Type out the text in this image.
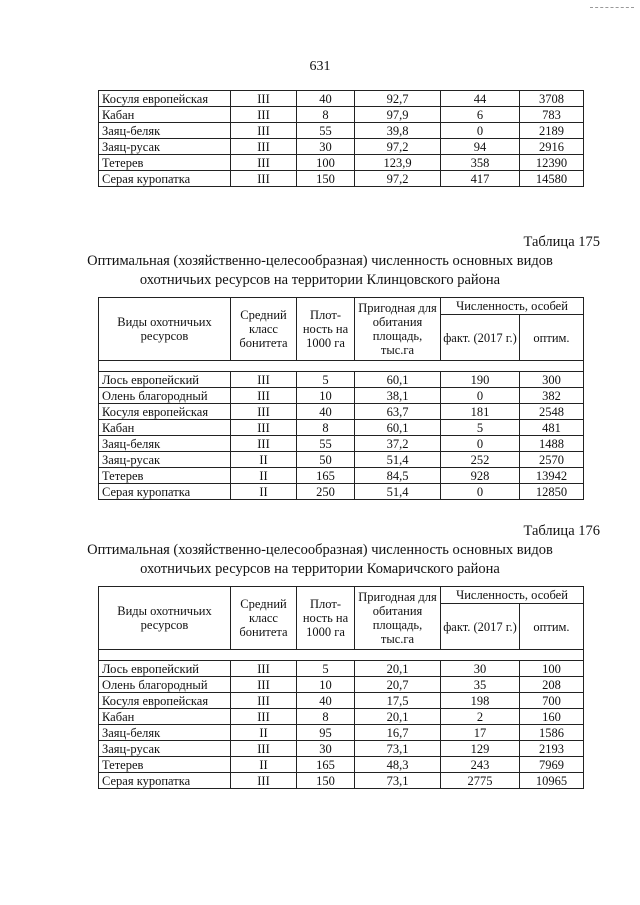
631
Косуля европейская	III	40	92,7	44	3708
Кабан	III	8	97,9	6	783
Заяц-беляк	III	55	39,8	0	2189
Заяц-русак	III	30	97,2	94	2916
Тетерев	III	100	123,9	358	12390
Серая куропатка	III	150	97,2	417	14580
Таблица 175
Оптимальная (хозяйственно-целесообразная) численность основных видов
охотничьих ресурсов на территории Клинцовского района
Виды охотничьих ресурсов	Средний класс бонитета	Плот- ность на 1000 га	Пригодная для обитания площадь, тыс.га	Численность, особей	
				факт. (2017 г.)	оптим.

Лось европейский	III	5	60,1	190	300
Олень благородный	III	10	38,1	0	382
Косуля европейская	III	40	63,7	181	2548
Кабан	III	8	60,1	5	481
Заяц-беляк	III	55	37,2	0	1488
Заяц-русак	II	50	51,4	252	2570
Тетерев	II	165	84,5	928	13942
Серая куропатка	II	250	51,4	0	12850
Таблица 176
Оптимальная (хозяйственно-целесообразная) численность основных видов
охотничьих ресурсов на территории Комаричского района
Виды охотничьих ресурсов	Средний класс бонитета	Плот- ность на 1000 га	Пригодная для обитания площадь, тыс.га	Численность, особей	
				факт. (2017 г.)	оптим.

Лось европейский	III	5	20,1	30	100
Олень благородный	III	10	20,7	35	208
Косуля европейская	III	40	17,5	198	700
Кабан	III	8	20,1	2	160
Заяц-беляк	II	95	16,7	17	1586
Заяц-русак	III	30	73,1	129	2193
Тетерев	II	165	48,3	243	7969
Серая куропатка	III	150	73,1	2775	10965
